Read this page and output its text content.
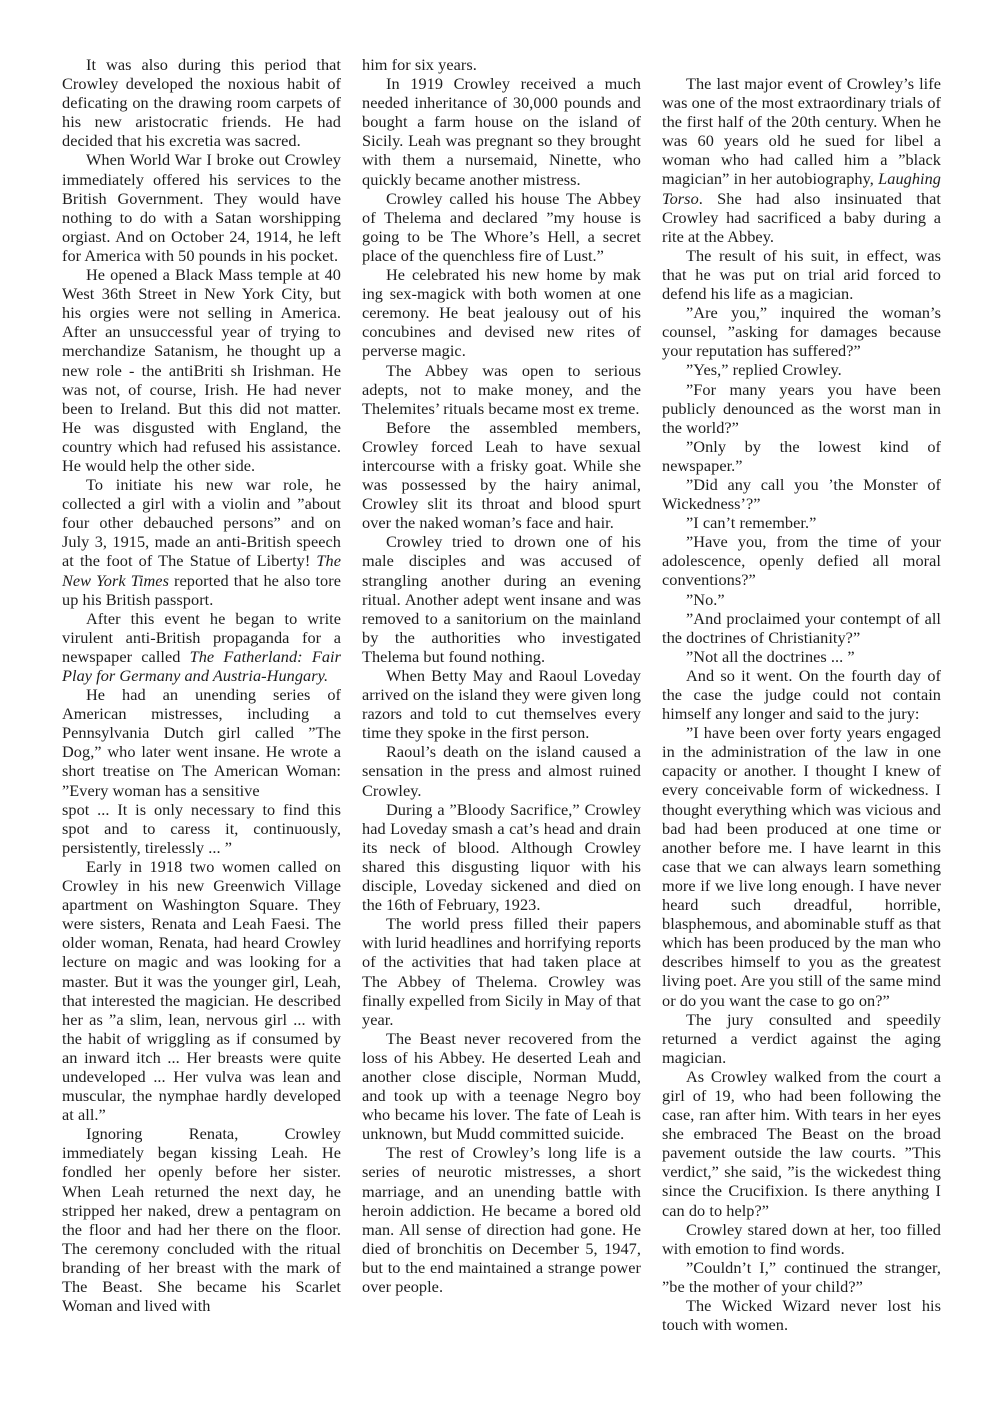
It was also during this period that Crowley developed the noxious habit of deficating on the drawing room carpets of his new aristocratic friends. He had decided that his excretia was sacred.

When World War I broke out Crowley immediately offered his services to the British Government. They would have nothing to do with a Satan worshipping orgiast. And on October 24, 1914, he left for America with 50 pounds in his pocket.

He opened a Black Mass temple at 40 West 36th Street in New York City, but his orgies were not selling in America. After an unsuccessful year of trying to merchandize Satanism, he thought up a new role - the antiBriti sh Irishman. He was not, of course, Irish. He had never been to Ireland. But this did not matter. He was disgusted with England, the country which had refused his assistance. He would help the other side.

To initiate his new war role, he collected a girl with a violin and ”about four other debauched persons” and on July 3, 1915, made an anti-British speech at the foot of The Statue of Liberty! The New York Times reported that he also tore up his British passport.

After this event he began to write virulent anti-British propaganda for a newspaper called The Fatherland: Fair Play for Germany and Austria-Hungary.

He had an unending series of American mistresses, including a Pennsylvania Dutch girl called ”The Dog,” who later went insane. He wrote a short treatise on The American Woman: ”Every woman has a sensitive

spot ... It is only necessary to find this spot and to caress it, continuously, persistently, tirelessly ... ”

Early in 1918 two women called on Crowley in his new Greenwich Village apartment on Washington Square. They were sisters, Renata and Leah Faesi. The older woman, Renata, had heard Crowley lecture on magic and was looking for a master. But it was the younger girl, Leah, that interested the magician. He described her as ”a slim, lean, nervous girl ... with the habit of wriggling as if consumed by an inward itch ... Her breasts were quite undeveloped ... Her vulva was lean and muscular, the nymphae hardly developed at all.”

Ignoring Renata, Crowley immediately began kissing Leah. He fondled her openly before her sister. When Leah returned the next day, he stripped her naked, drew a pentagram on the floor and had her there on the floor. The ceremony concluded with the ritual branding of her breast with the mark of The Beast. She became his Scarlet Woman and lived with

him for six years.

In 1919 Crowley received a much needed inheritance of 30,000 pounds and bought a farm house on the island of Sicily. Leah was pregnant so they brought with them a nursemaid, Ninette, who quickly became another mistress.

Crowley called his house The Abbey of Thelema and declared ”my house is going to be The Whore’s Hell, a secret place of the quenchless fire of Lust.”

He celebrated his new home by mak ing sex-magick with both women at one ceremony. He beat jealousy out of his concubines and devised new rites of perverse magic.

The Abbey was open to serious adepts, not to make money, and the Thelemites’ rituals became most ex treme.

Before the assembled members, Crowley forced Leah to have sexual intercourse with a frisky goat. While she was possessed by the hairy animal, Crowley slit its throat and blood spurt over the naked woman’s face and hair.

Crowley tried to drown one of his male disciples and was accused of strangling another during an evening ritual. Another adept went insane and was removed to a sanitorium on the mainland by the authorities who investigated Thelema but found nothing.

When Betty May and Raoul Loveday arrived on the island they were given long razors and told to cut themselves every time they spoke in the first person.

Raoul’s death on the island caused a sensation in the press and almost ruined Crowley.

During a ”Bloody Sacrifice,” Crowley had Loveday smash a cat’s head and drain its neck of blood. Although Crowley shared this disgusting liquor with his disciple, Loveday sickened and died on the 16th of February, 1923.

The world press filled their papers with lurid headlines and horrifying reports of the activities that had taken place at The Abbey of Thelema. Crowley was finally expelled from Sicily in May of that year.

The Beast never recovered from the loss of his Abbey. He deserted Leah and another close disciple, Norman Mudd, and took up with a teenage Negro boy who became his lover. The fate of Leah is unknown, but Mudd committed suicide.

The rest of Crowley’s long life is a series of neurotic mistresses, a short marriage, and an unending battle with heroin addiction. He became a bored old man. All sense of direction had gone. He died of bronchitis on December 5, 1947, but to the end maintained a strange power over people.

The last major event of Crowley’s life was one of the most extraordinary trials of the first half of the 20th century. When he was 60 years old he sued for libel a woman who had called him a ”black magician” in her autobiography, Laughing Torso. She had also insinuated that Crowley had sacrificed a baby during a rite at the Abbey.

The result of his suit, in effect, was that he was put on trial arid forced to defend his life as a magician.

”Are you,” inquired the woman’s counsel, ”asking for damages because your reputation has suffered?”

”Yes,” replied Crowley.

”For many years you have been publicly denounced as the worst man in the world?”

”Only by the lowest kind of newspaper.”

”Did any call you ’the Monster of Wickedness’?”

”I can’t remember.”

”Have you, from the time of your adolescence, openly defied all moral conventions?”

”No.”

”And proclaimed your contempt of all the doctrines of Christianity?”

”Not all the doctrines ... ”

And so it went. On the fourth day of the case the judge could not contain himself any longer and said to the jury:

”I have been over forty years engaged in the administration of the law in one capacity or another. I thought I knew of every conceivable form of wickedness. I thought everything which was vicious and bad had been produced at one time or another before me. I have learnt in this case that we can always learn something more if we live long enough. I have never heard such dreadful, horrible, blasphemous, and abominable stuff as that which has been produced by the man who describes himself to you as the greatest living poet. Are you still of the same mind or do you want the case to go on?”

The jury consulted and speedily returned a verdict against the aging magician.

As Crowley walked from the court a girl of 19, who had been following the case, ran after him. With tears in her eyes she embraced The Beast on the broad pavement outside the law courts. ”This verdict,” she said, ”is the wickedest thing since the Crucifixion. Is there anything I can do to help?”

Crowley stared down at her, too filled with emotion to find words.

”Couldn’t I,” continued the stranger, ”be the mother of your child?”

The Wicked Wizard never lost his touch with women.
